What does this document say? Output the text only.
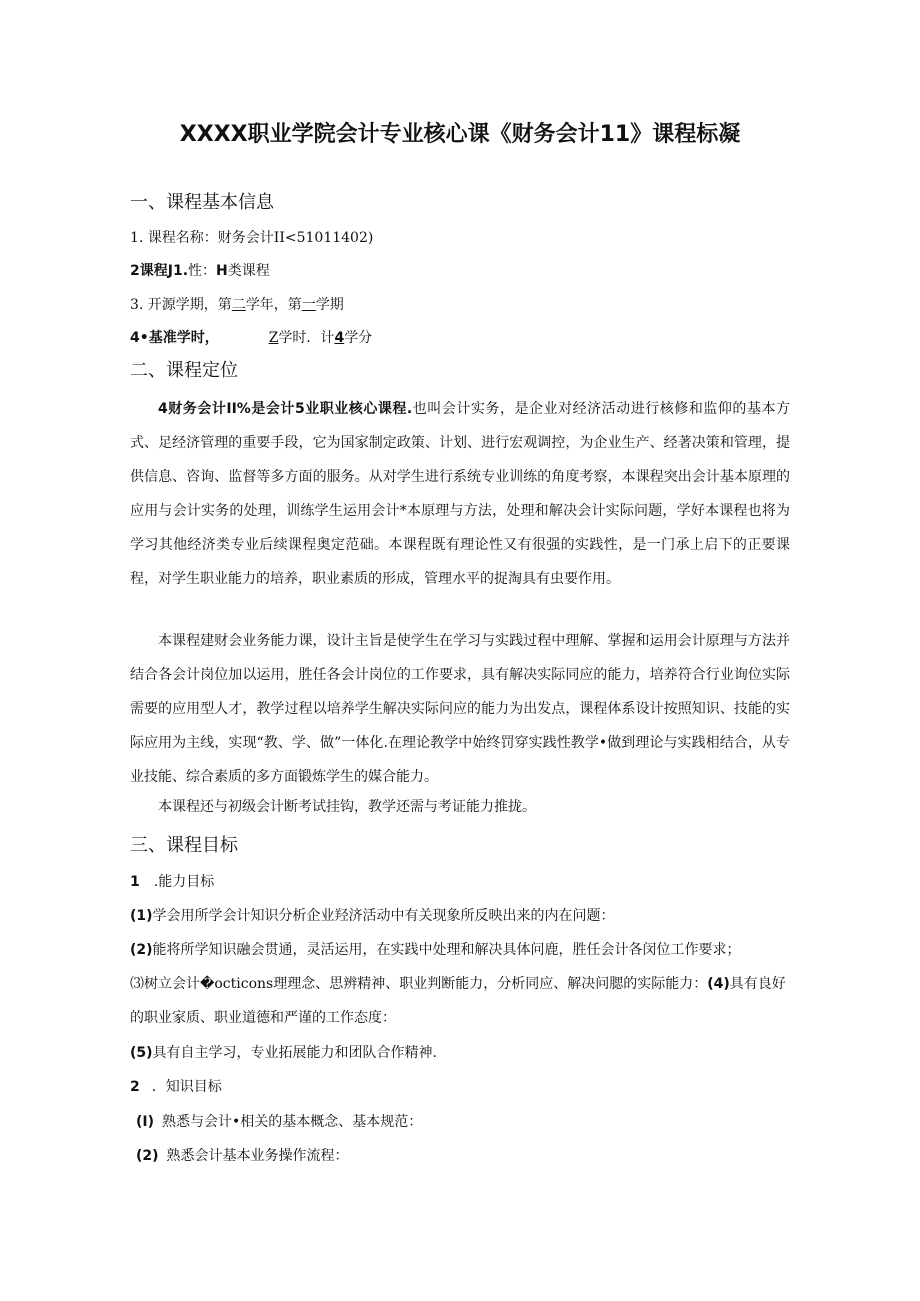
XXXX职业学院会计专业核心课《财务会计11》课程标凝
一、课程基本信息
1. 课程名称：财务会计II<51011402)
2课程J1.性：H类课程
3. 开源学期，第二学年，第一学期
4•基准学时，	Z学时．计4学分
二、课程定位
4财务会计II%是会计5业职业核心课程.也叫会计实务，是企业对经济活动进行核修和监仰的基本方式、足经济管理的重要手段，它为国家制定政策、计划、进行宏观调控，为企业生产、经著决策和管理，提供信息、咨询、监督等多方面的服务。从对学生进行系统专业训练的角度考察，本课程突出会计基本原理的应用与会计实务的处理，训练学生运用会计*本原理与方法，处理和解决会计实际问题，学好本课程也将为学习其他经济类专业后续课程奥定范础。本课程既有理论性又有很强的实践性，是一门承上启下的正要课程，对学生职业能力的培养，职业素质的形成，管理水平的捉淘具有虫要作用。
本课程建财会业务能力课，设计主旨是使学生在学习与实践过程中理解、掌握和运用会计原理与方法并结合各会计岗位加以运用，胜任各会计岗位的工作要求，具有解决实际同应的能力，培养符合行业询位实际需要的应用型人才，教学过程以培养学生解决实际问应的能力为出发点，课程体系设计按照知识、技能的实际应用为主线，实现“教、学、做”一体化.在理论教学中始终罚穿实践性教学•做到理论与实践相结合，从专业技能、综合素质的多方面锻炼学生的媒合能力。
本课程还与初级会计断考试挂钩，教学还需与考证能力推拢。
三、课程目标
1 .能力目标
(1)学会用所学会计知识分析企业羟济活动中有关现象所反映出来的内在问题：
(2)能将所学知识融会贯通，灵活运用，在实践中处理和解决具体问鹿，胜任会计各闵位工作要求；
⑶树立会计�octicons理理念、思辨精神、职业判断能力，分析同应、解决问腮的实际能力：(4)具有良好
的职业家质、职业道德和严谨的工作态度：
(5)具有自主学习，专业拓展能力和团队合作精神.
2 ．知识目标
(I) 熟悉与会计•相关的基本概念、基本规范：
(2) 熟悉会计基本业务操作流程：
